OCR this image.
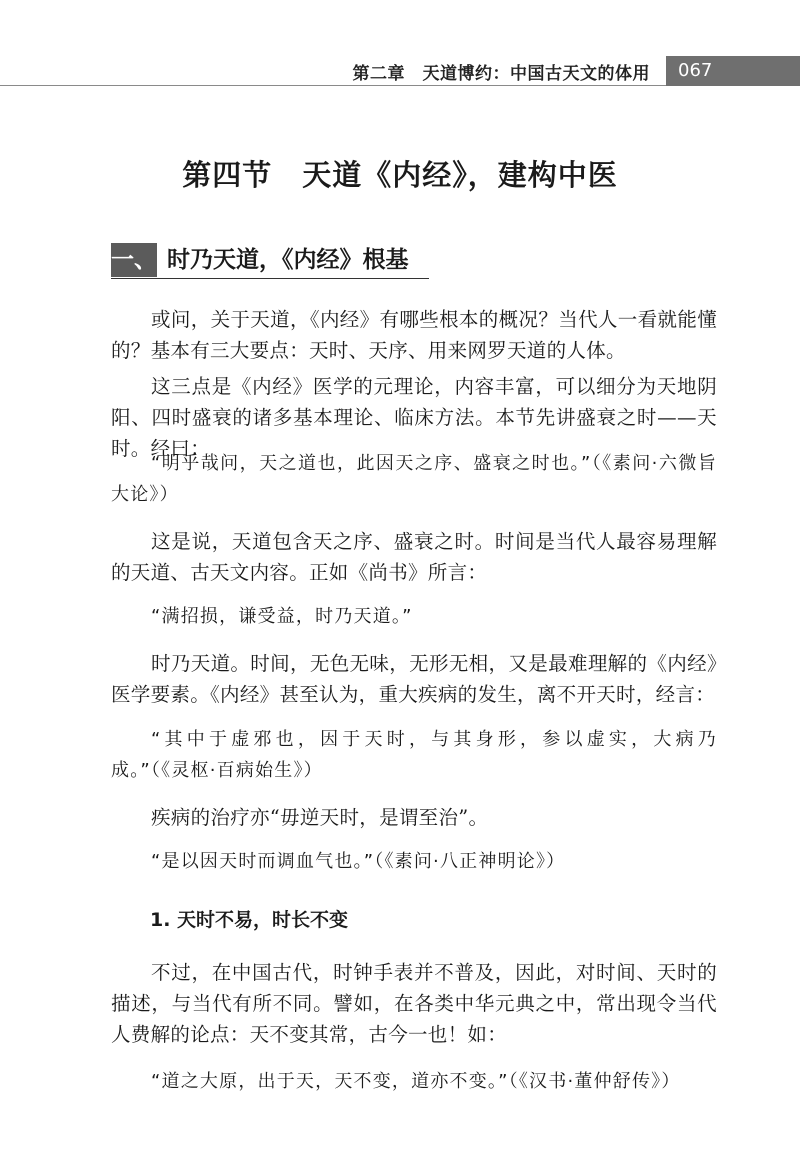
第二章　天道博约：中国古天文的体用 067
第四节　天道《内经》，建构中医
一、 时乃天道，《内经》根基

或问，关于天道，《内经》有哪些根本的概况？当代人一看就能懂的？基本有三大要点：天时、天序、用来网罗天道的人体。

这三点是《内经》医学的元理论，内容丰富，可以细分为天地阴阳、四时盛衰的诸多基本理论、临床方法。本节先讲盛衰之时——天时。经曰：

“明乎哉问，天之道也，此因天之序、盛衰之时也。”（《素问·六微旨大论》）

这是说，天道包含天之序、盛衰之时。时间是当代人最容易理解的天道、古天文内容。正如《尚书》所言：

“满招损，谦受益，时乃天道。”

时乃天道。时间，无色无味，无形无相，又是最难理解的《内经》医学要素。《内经》甚至认为，重大疾病的发生，离不开天时，经言：

“其中于虚邪也，因于天时，与其身形，参以虚实，大病乃成。”（《灵枢·百病始生》）

疾病的治疗亦“毋逆天时，是谓至治”。

“是以因天时而调血气也。”（《素问·八正神明论》）

1. 天时不易，时长不变

不过，在中国古代，时钟手表并不普及，因此，对时间、天时的描述，与当代有所不同。譬如，在各类中华元典之中，常出现令当代人费解的论点：天不变其常，古今一也！如：

“道之大原，出于天，天不变，道亦不变。”（《汉书·董仲舒传》）
